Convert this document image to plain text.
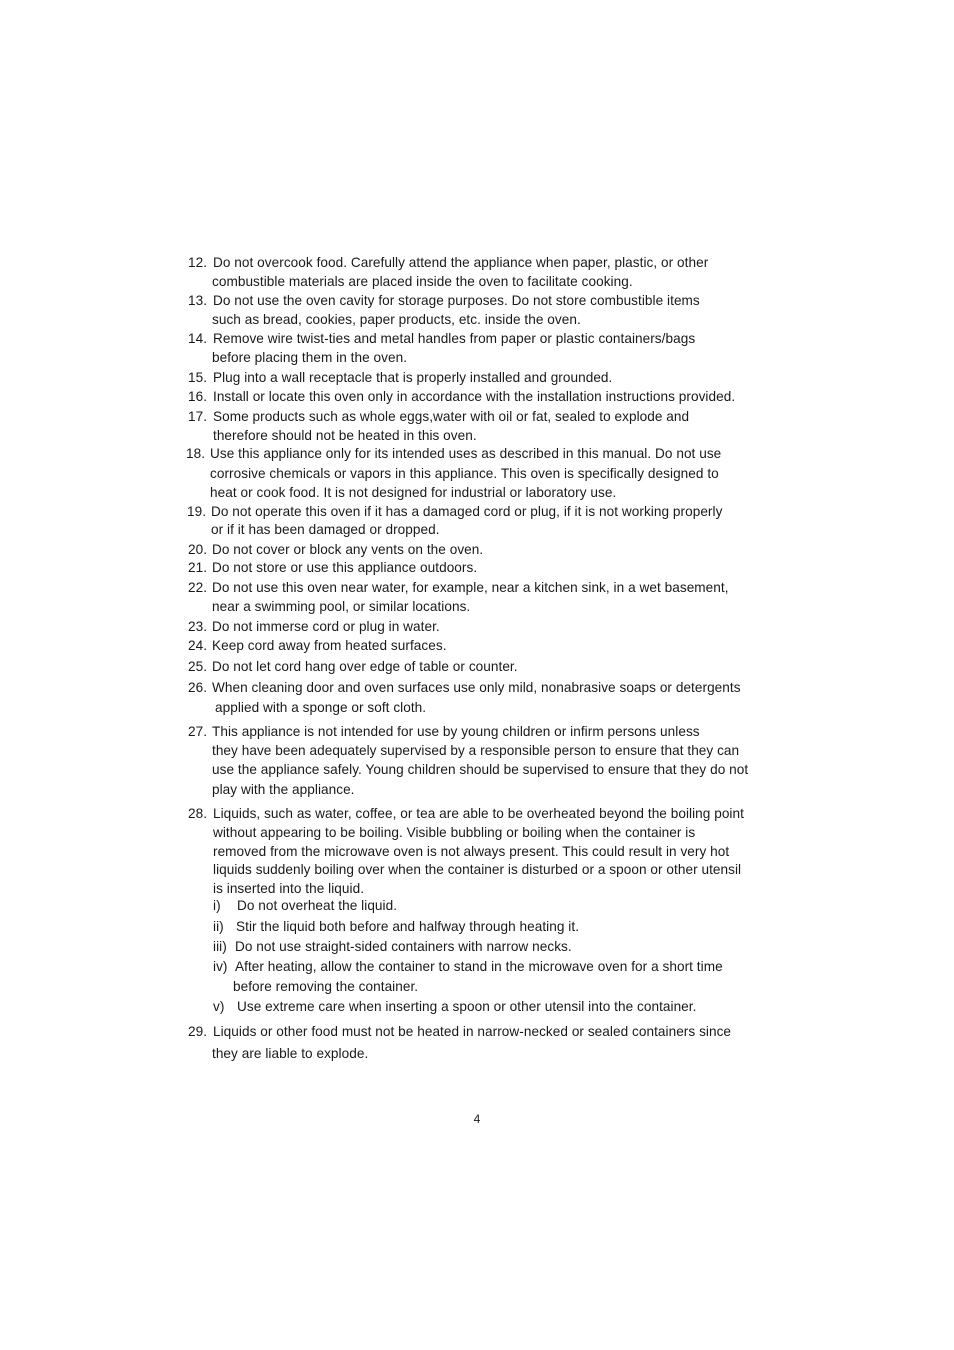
12. Do not overcook food. Carefully attend the appliance when paper, plastic, or other
combustible materials are placed inside the oven to facilitate cooking.
13. Do not use the oven cavity for storage purposes. Do not store combustible items
such as bread, cookies, paper products, etc. inside the oven.
14. Remove wire twist-ties and metal handles from paper or plastic containers/bags
before placing them in the oven.
15. Plug into a wall receptacle that is properly installed and grounded.
16. Install or locate this oven only in accordance with the installation instructions provided.
17. Some products such as whole eggs,water with oil or fat, sealed to explode and
therefore should not be heated in this oven.
18. Use this appliance only for its intended uses as described in this manual. Do not use
corrosive chemicals or vapors in this appliance. This oven is specifically designed to
heat or cook food. It is not designed for industrial or laboratory use.
19. Do not operate this oven if it has a damaged cord or plug, if it is not working properly
or if it has been damaged or dropped.
20. Do not cover or block any vents on the oven.
21. Do not store or use this appliance outdoors.
22. Do not use this oven near water, for example, near a kitchen sink, in a wet basement,
near a swimming pool, or similar locations.
23. Do not immerse cord or plug in water.
24. Keep cord away from heated surfaces.
25. Do not let cord hang over edge of table or counter.
26. When cleaning door and oven surfaces use only mild, nonabrasive soaps or detergents
applied with a sponge or soft cloth.
27. This appliance is not intended for use by young children or infirm persons unless
they have been adequately supervised by a responsible person to ensure that they can
use the appliance safely. Young children should be supervised to ensure that they do not
play with the appliance.
28. Liquids, such as water, coffee, or tea are able to be overheated beyond the boiling point
without appearing to be boiling. Visible bubbling or boiling when the container is
removed from the microwave oven is not always present. This could result in very hot
liquids suddenly boiling over when the container is disturbed or a spoon or other utensil
is inserted into the liquid.
i) Do not overheat the liquid.
ii) Stir the liquid both before and halfway through heating it.
iii) Do not use straight-sided containers with narrow necks.
iv) After heating, allow the container to stand in the microwave oven for a short time
before removing the container.
v) Use extreme care when inserting a spoon or other utensil into the container.
29. Liquids or other food must not be heated in narrow-necked or sealed containers since
they are liable to explode.
4
